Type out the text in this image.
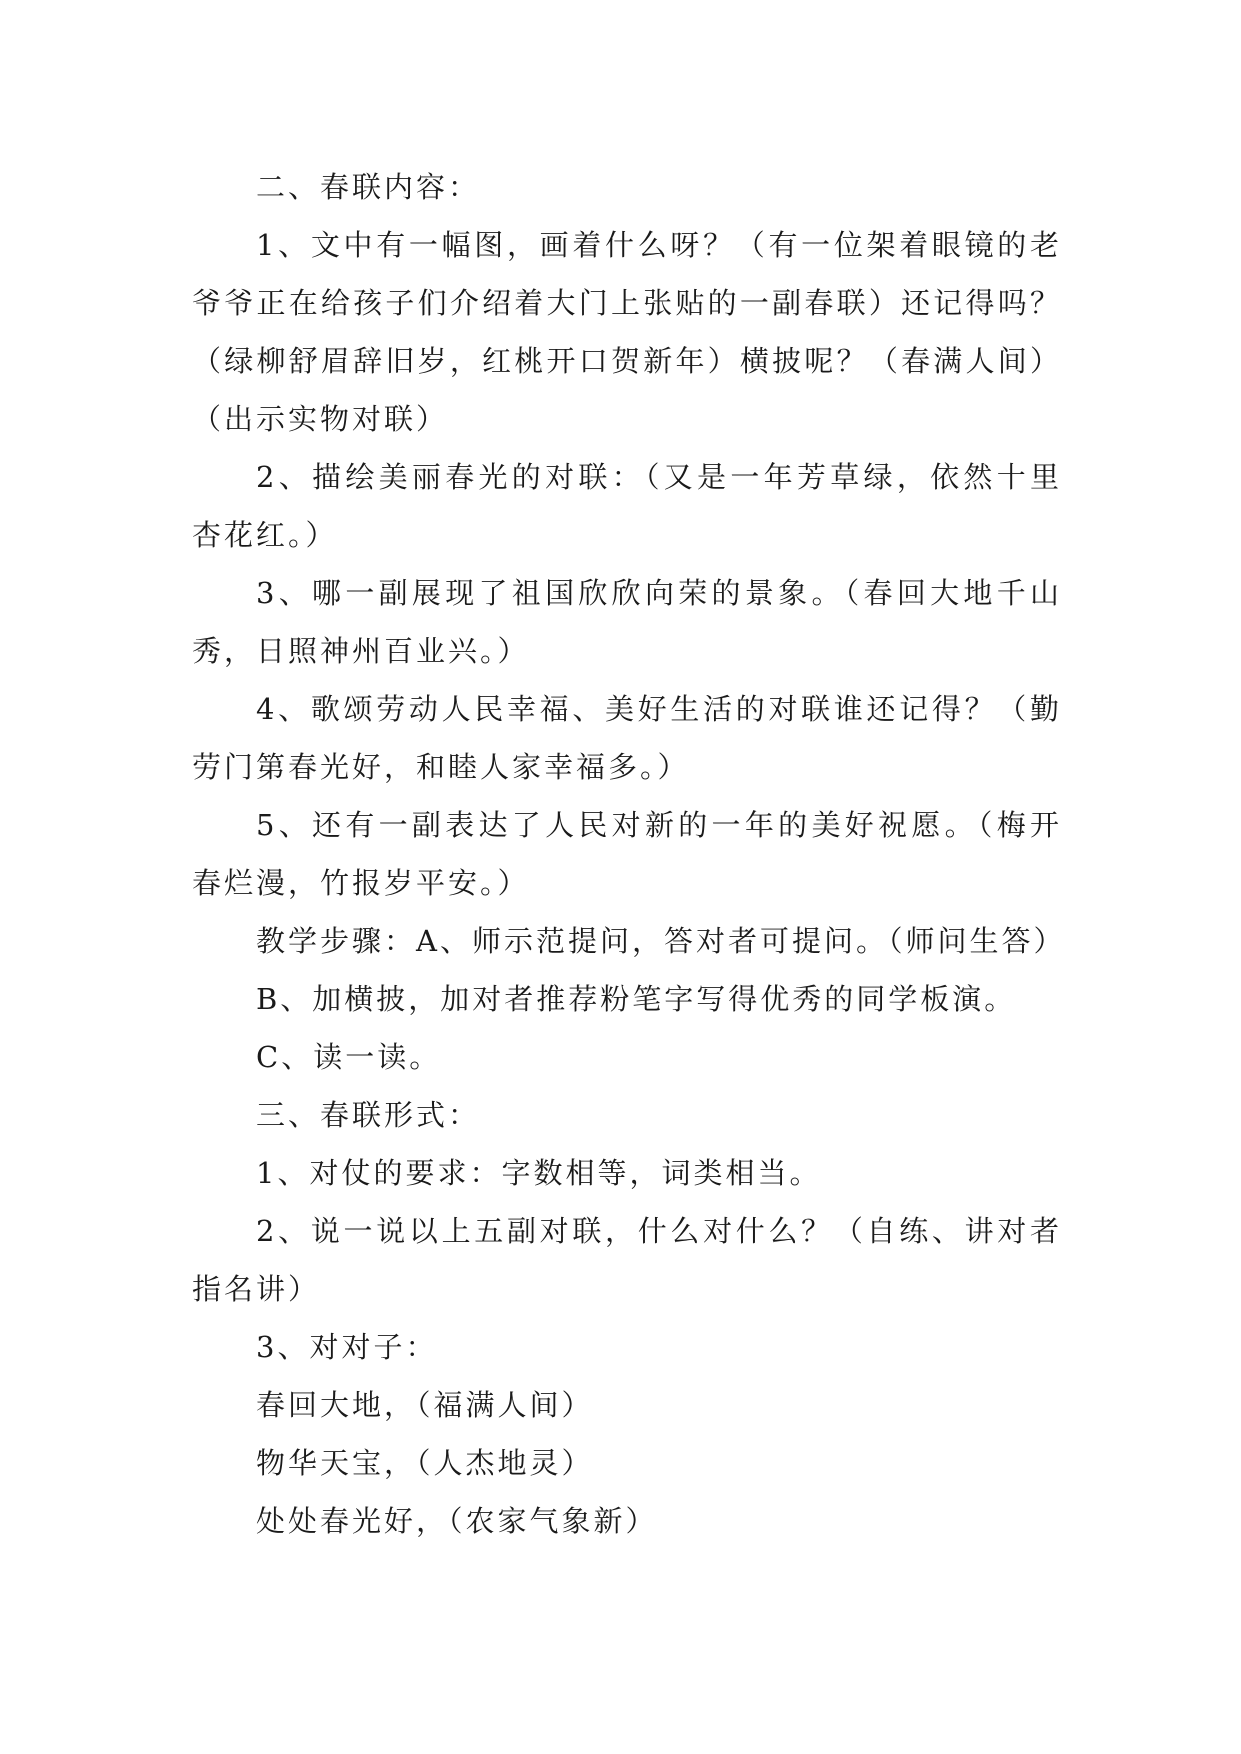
二、春联内容：

1、文中有一幅图，画着什么呀？（有一位架着眼镜的老爷爷正在给孩子们介绍着大门上张贴的一副春联）还记得吗？（绿柳舒眉辞旧岁，红桃开口贺新年）横披呢？（春满人间）（出示实物对联）

2、描绘美丽春光的对联：（又是一年芳草绿，依然十里杏花红。）

3、哪一副展现了祖国欣欣向荣的景象。（春回大地千山秀，日照神州百业兴。）

4、歌颂劳动人民幸福、美好生活的对联谁还记得？（勤劳门第春光好，和睦人家幸福多。）

5、还有一副表达了人民对新的一年的美好祝愿。（梅开春烂漫，竹报岁平安。）

教学步骤：A、师示范提问，答对者可提问。（师问生答）

B、加横披，加对者推荐粉笔字写得优秀的同学板演。

C、读一读。

三、春联形式：

1、对仗的要求：字数相等，词类相当。

2、说一说以上五副对联，什么对什么？（自练、讲对者指名讲）

3、对对子：

春回大地，（福满人间）

物华天宝，（人杰地灵）

处处春光好，（农家气象新）
